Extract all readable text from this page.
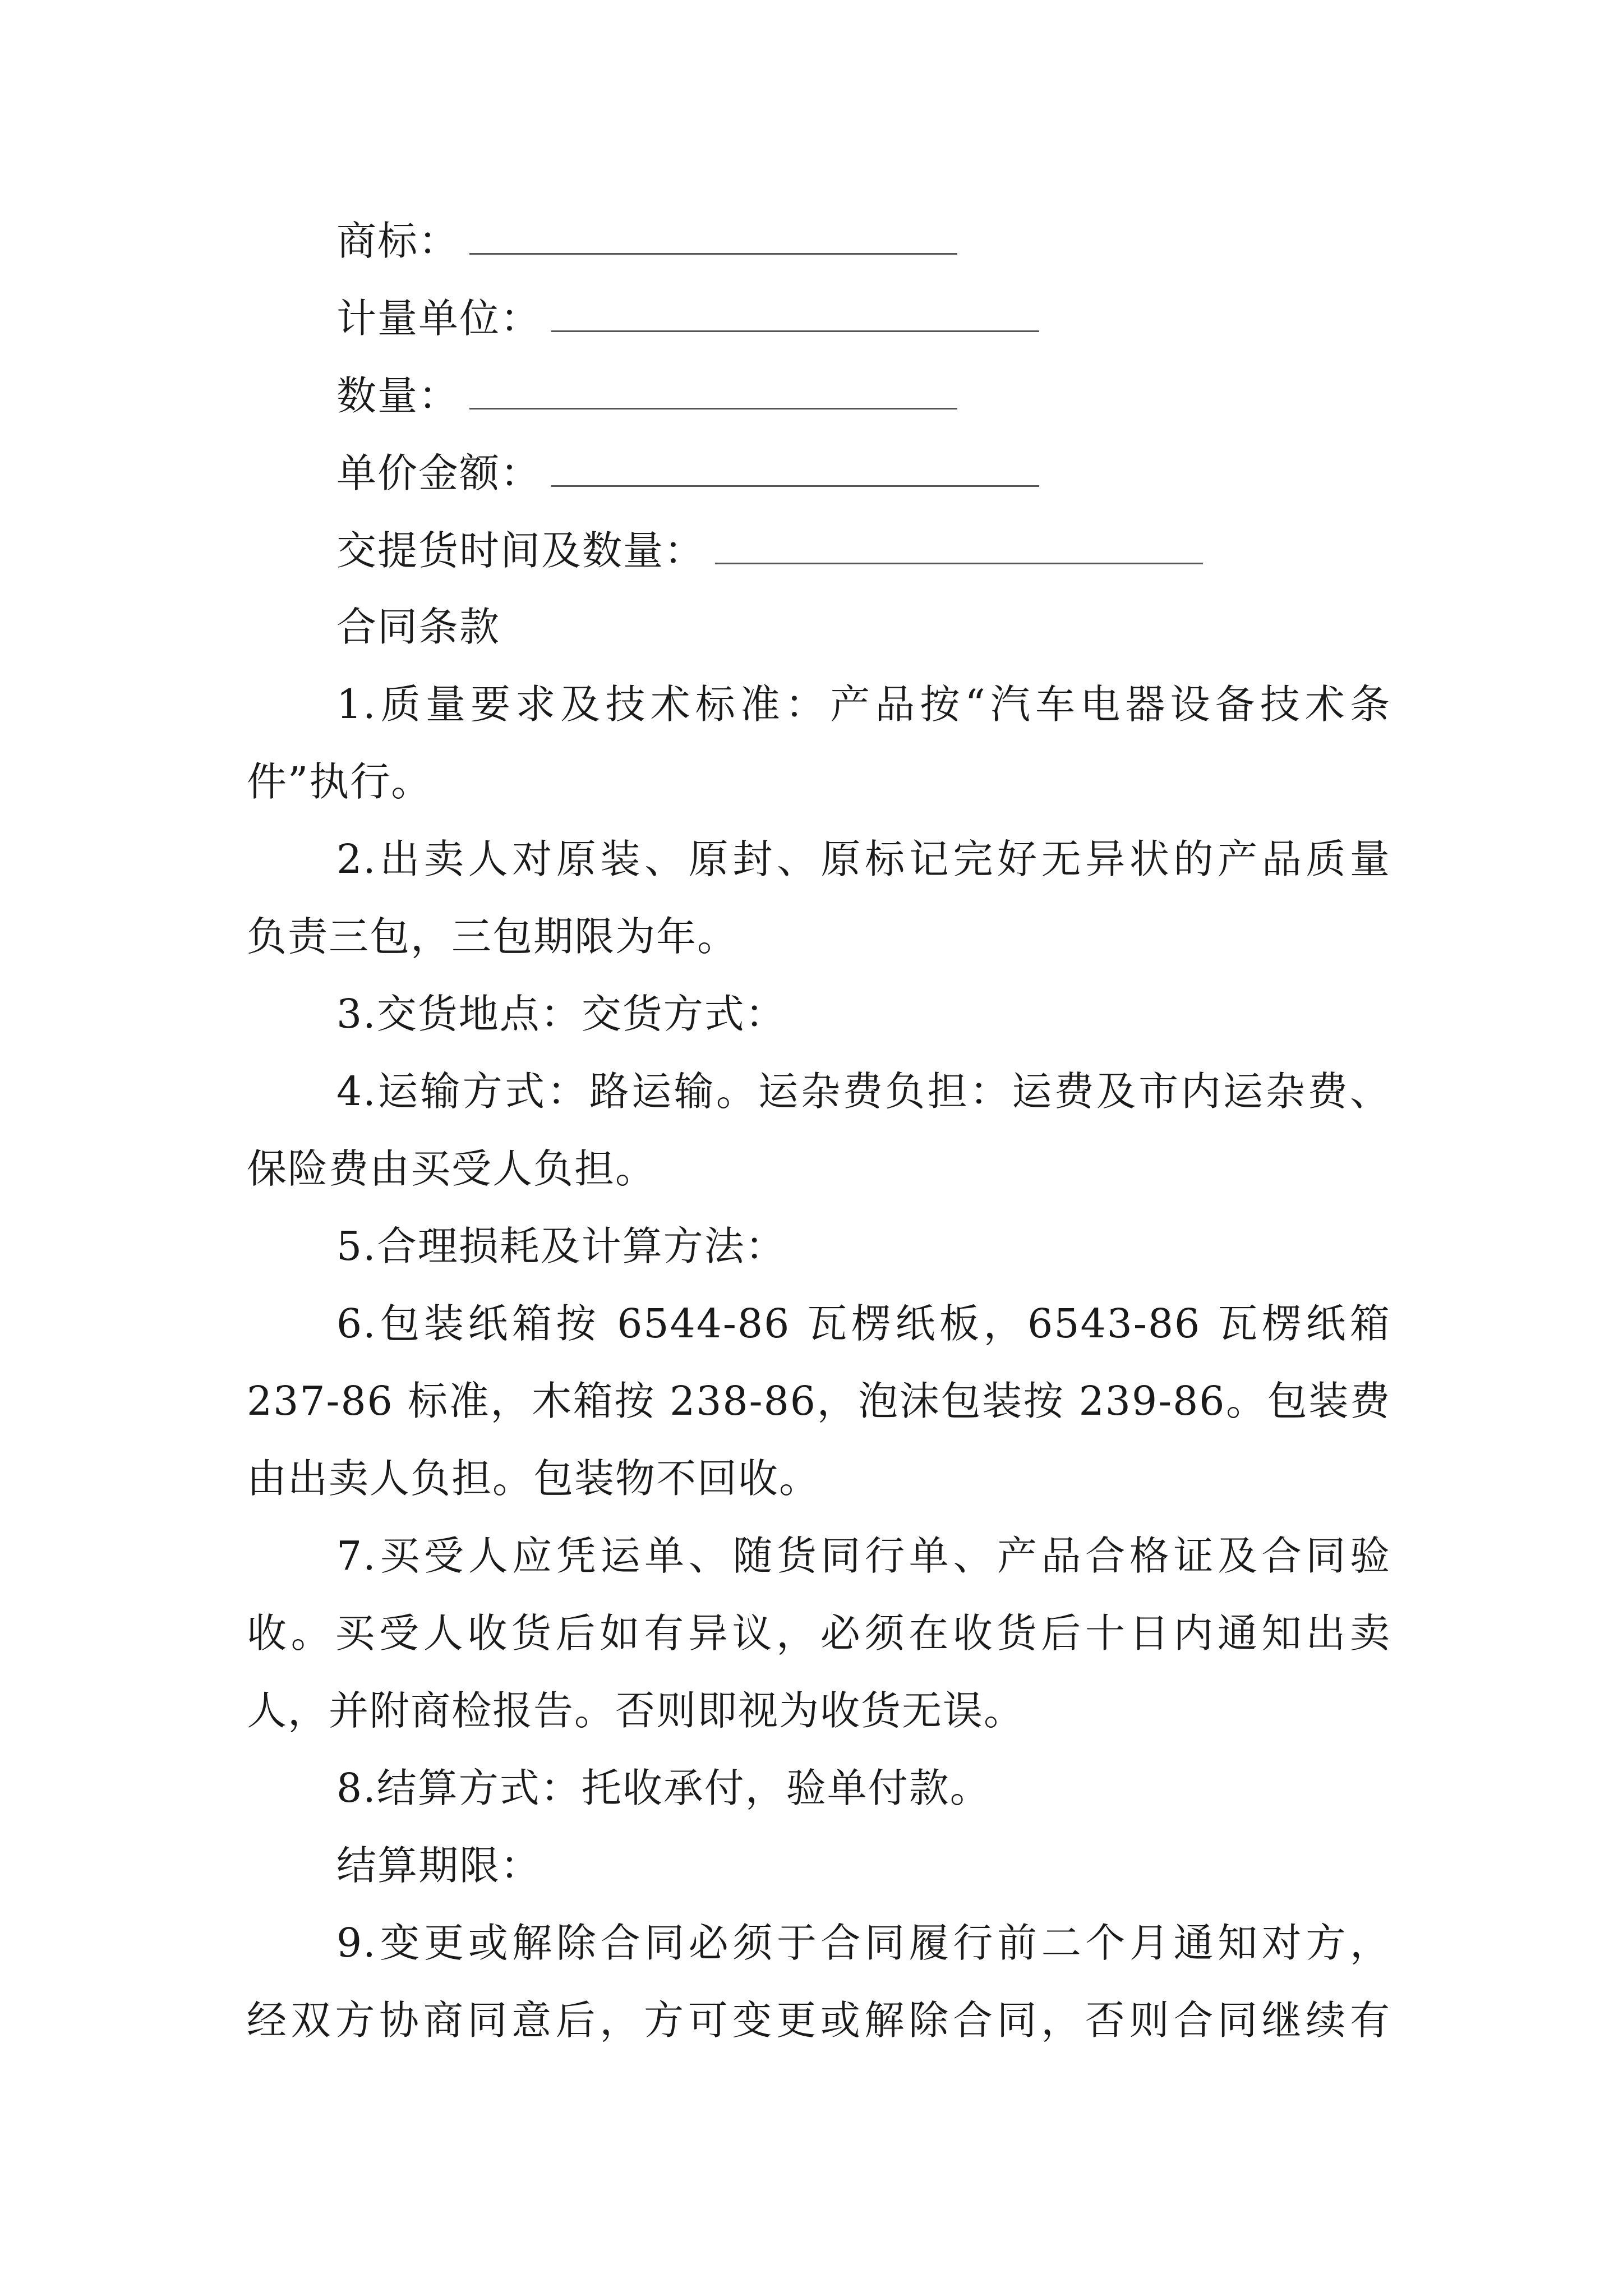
商标：
计量单位：
数量：
单价金额：
交提货时间及数量：
合同条款
1.质量要求及技术标准：产品按“汽车电器设备技术条
件”执行。
2.出卖人对原装、原封、原标记完好无异状的产品质量
负责三包，三包期限为年。
3.交货地点：交货方式：
4.运输方式：路运输。运杂费负担：运费及市内运杂费、
保险费由买受人负担。
5.合理损耗及计算方法：
6.包装纸箱按 6544-86 瓦楞纸板，6543-86 瓦楞纸箱
237-86 标准，木箱按 238-86，泡沫包装按 239-86。包装费
由出卖人负担。包装物不回收。
7.买受人应凭运单、随货同行单、产品合格证及合同验
收。买受人收货后如有异议，必须在收货后十日内通知出卖
人，并附商检报告。否则即视为收货无误。
8.结算方式：托收承付，验单付款。
结算期限：
9.变更或解除合同必须于合同履行前二个月通知对方，
经双方协商同意后，方可变更或解除合同，否则合同继续有
